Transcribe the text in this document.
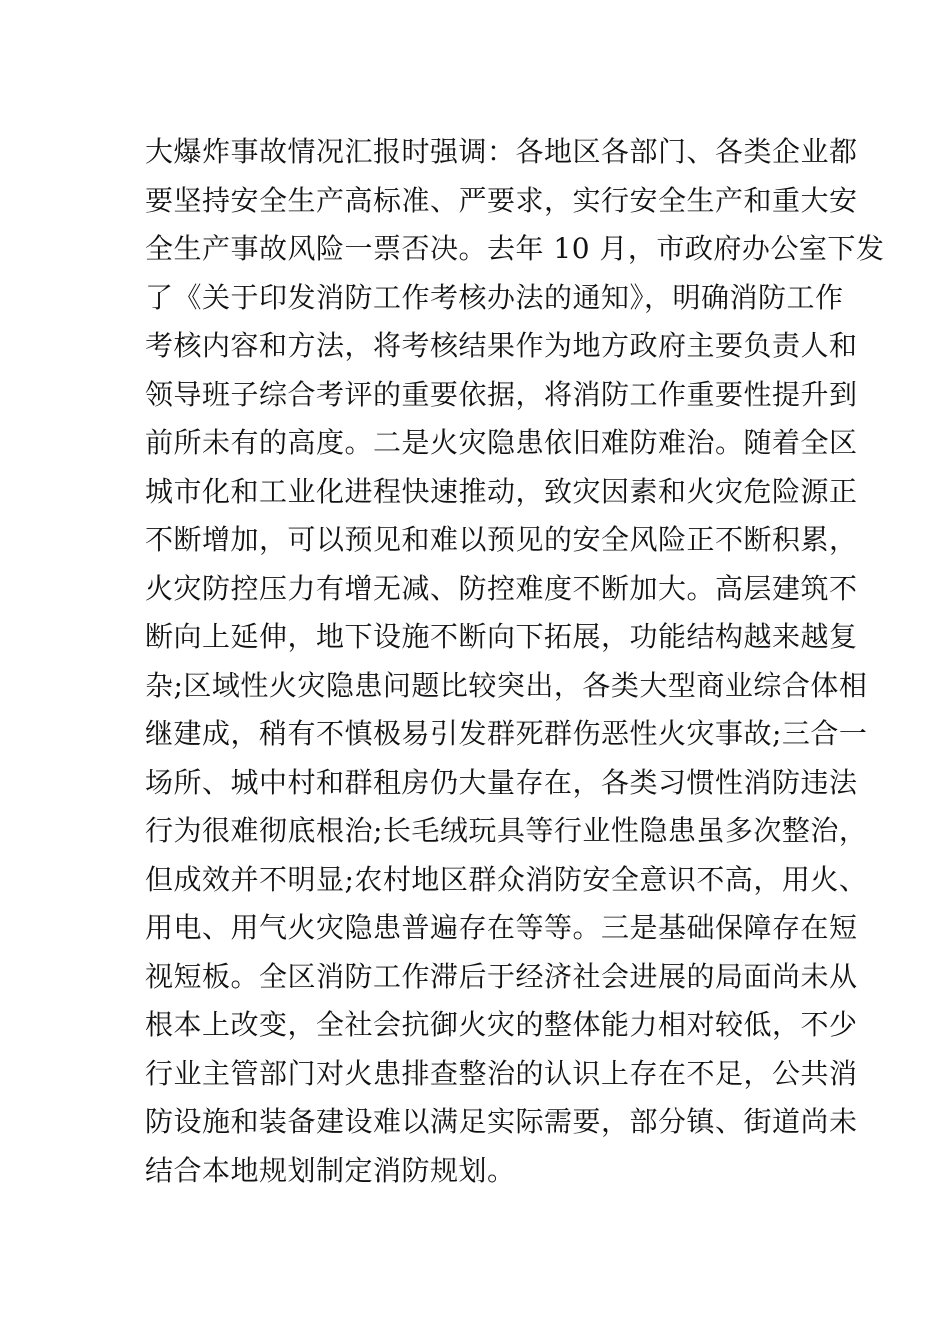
大爆炸事故情况汇报时强调：各地区各部门、各类企业都
要坚持安全生产高标准、严要求，实行安全生产和重大安
全生产事故风险一票否决。去年 10 月，市政府办公室下发
了《关于印发消防工作考核办法的通知》，明确消防工作
考核内容和方法，将考核结果作为地方政府主要负责人和
领导班子综合考评的重要依据，将消防工作重要性提升到
前所未有的高度。二是火灾隐患依旧难防难治。随着全区
城市化和工业化进程快速推动，致灾因素和火灾危险源正
不断增加，可以预见和难以预见的安全风险正不断积累，
火灾防控压力有增无减、防控难度不断加大。高层建筑不
断向上延伸，地下设施不断向下拓展，功能结构越来越复
杂;区域性火灾隐患问题比较突出，各类大型商业综合体相
继建成，稍有不慎极易引发群死群伤恶性火灾事故;三合一
场所、城中村和群租房仍大量存在，各类习惯性消防违法
行为很难彻底根治;长毛绒玩具等行业性隐患虽多次整治，
但成效并不明显;农村地区群众消防安全意识不高，用火、
用电、用气火灾隐患普遍存在等等。三是基础保障存在短
视短板。全区消防工作滞后于经济社会进展的局面尚未从
根本上改变，全社会抗御火灾的整体能力相对较低，不少
行业主管部门对火患排查整治的认识上存在不足，公共消
防设施和装备建设难以满足实际需要，部分镇、街道尚未
结合本地规划制定消防规划。
